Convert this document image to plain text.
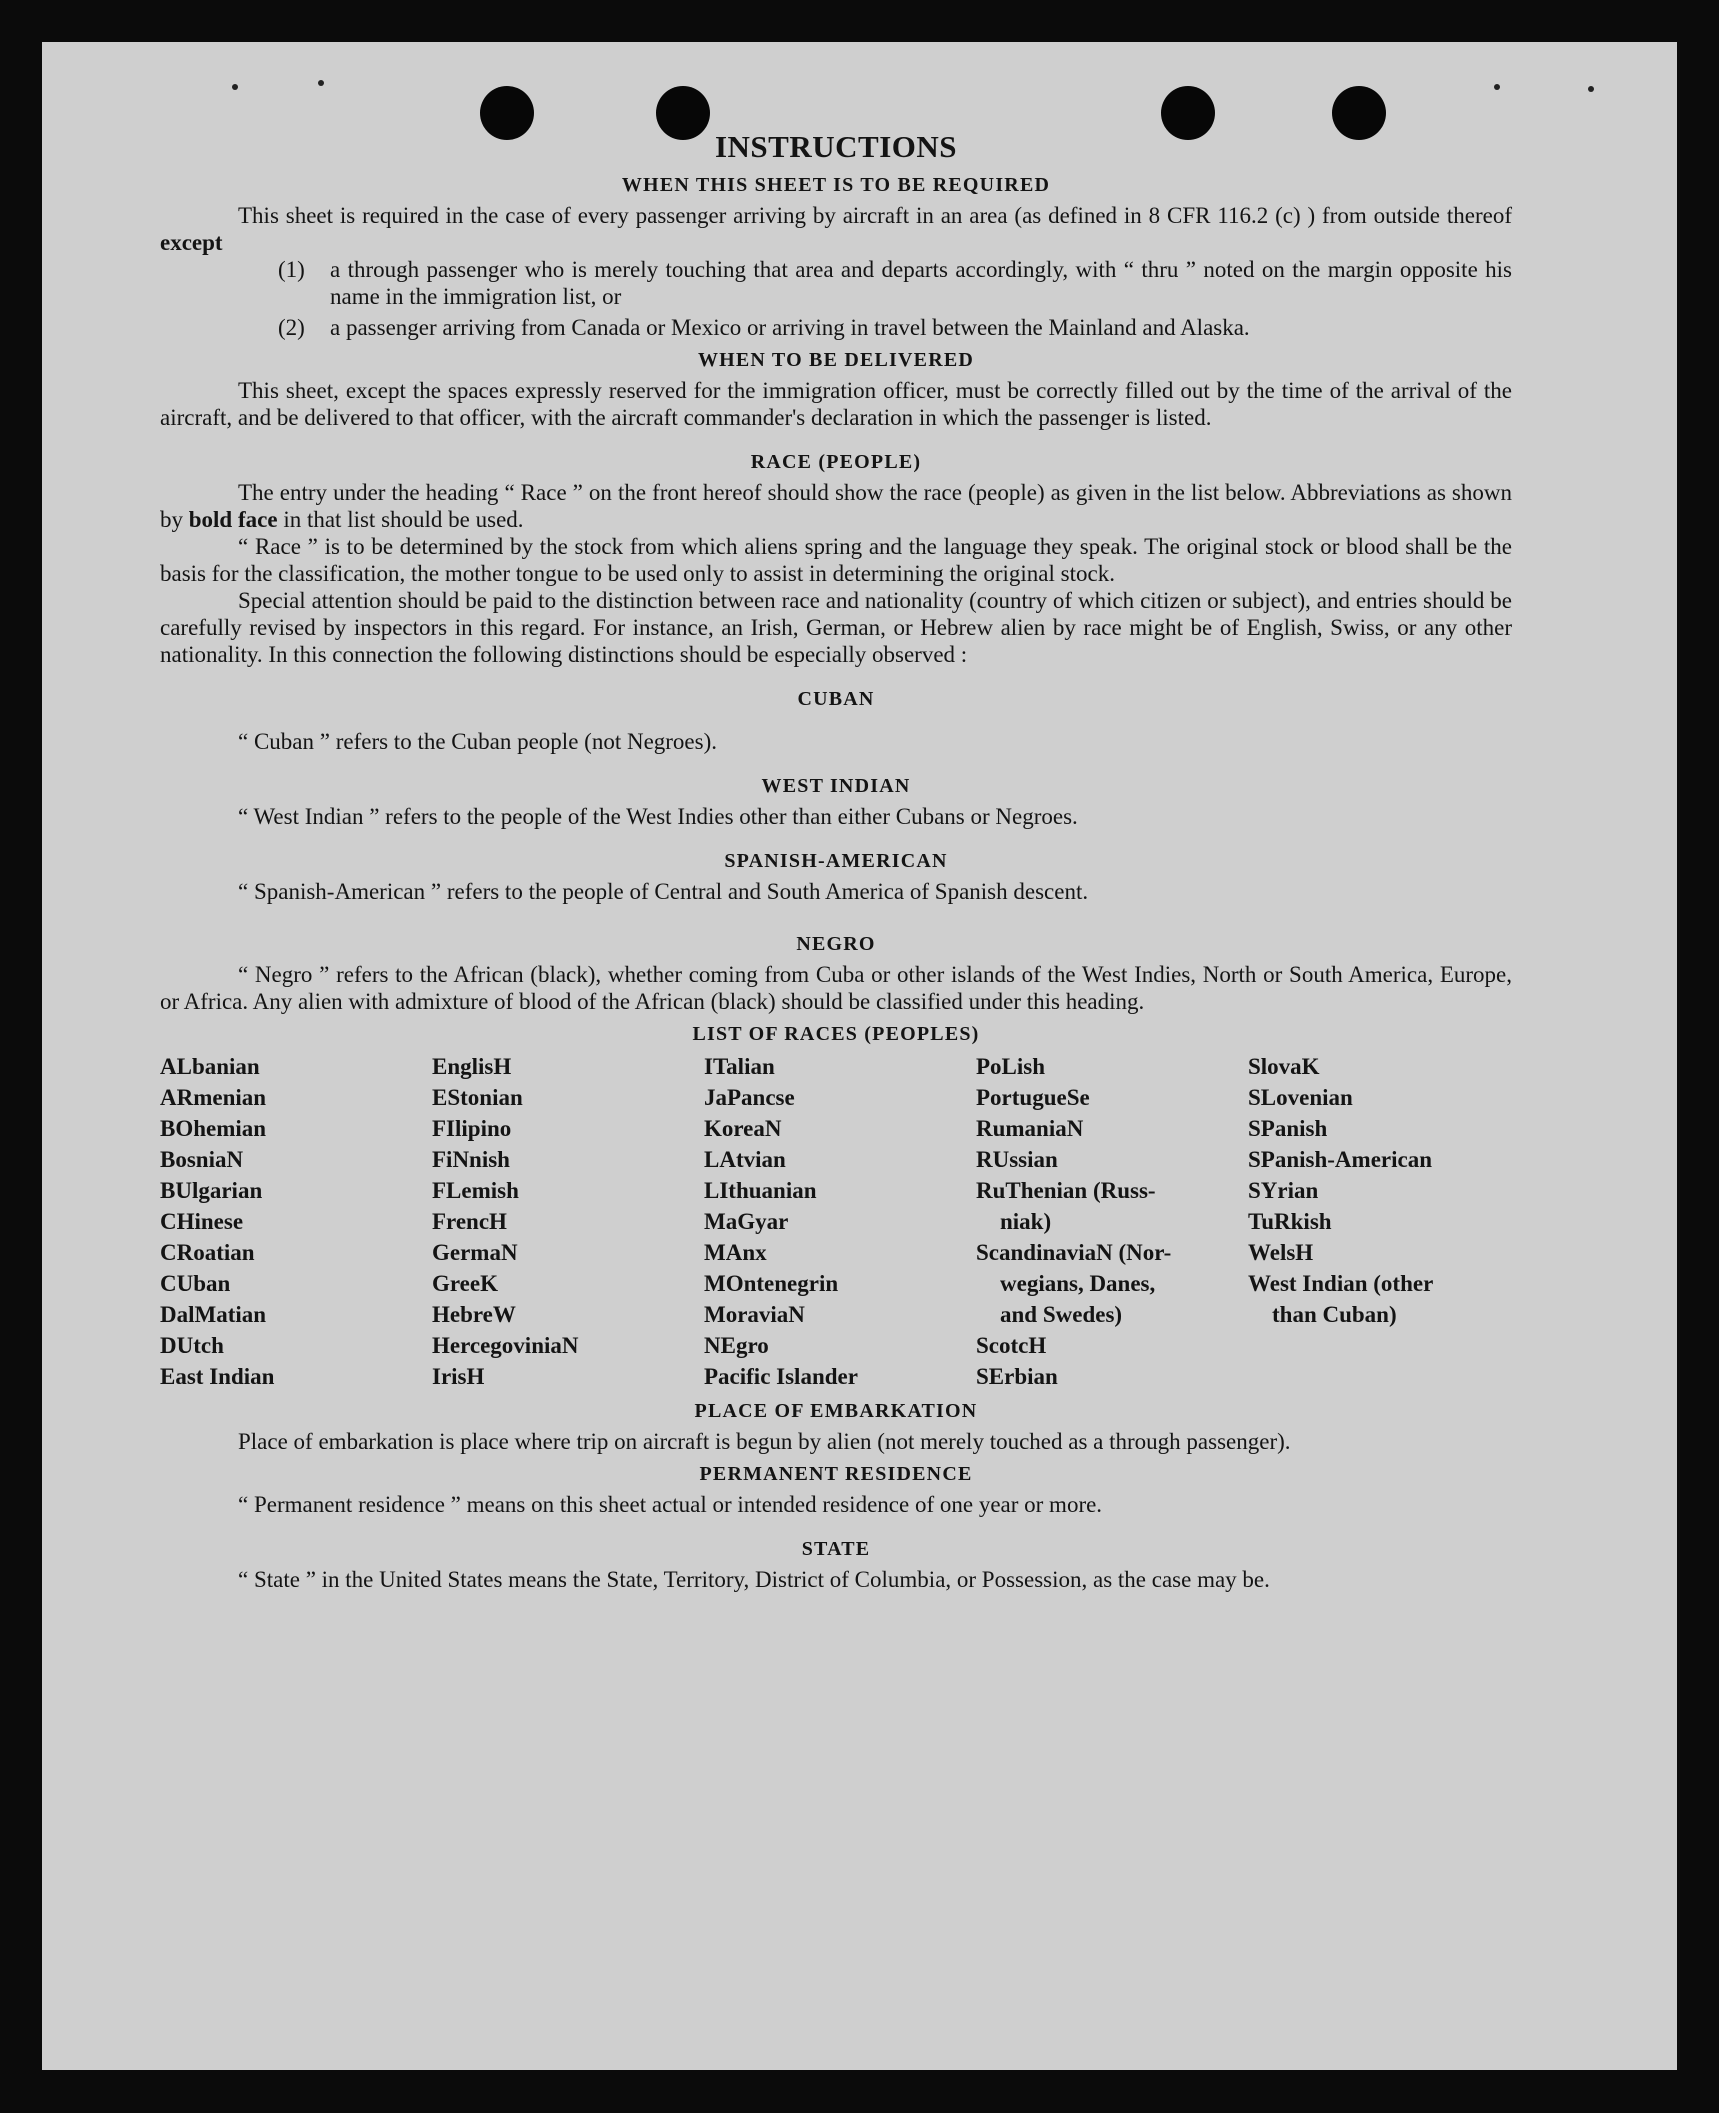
INSTRUCTIONS
WHEN THIS SHEET IS TO BE REQUIRED

This sheet is required in the case of every passenger arriving by aircraft in an area (as defined in 8 CFR 116.2 (c) ) from outside thereof except

(1)	a through passenger who is merely touching that area and departs accordingly, with “ thru ” noted on the margin opposite his name in the immigration list, or
(2)	a passenger arriving from Canada or Mexico or arriving in travel between the Mainland and Alaska.
WHEN TO BE DELIVERED

This sheet, except the spaces expressly reserved for the immigration officer, must be correctly filled out by the time of the arrival of the aircraft, and be delivered to that officer, with the aircraft commander's declaration in which the passenger is listed.

RACE (PEOPLE)

The entry under the heading “ Race ” on the front hereof should show the race (people) as given in the list below. Abbreviations as shown by bold face in that list should be used.

“ Race ” is to be determined by the stock from which aliens spring and the language they speak. The original stock or blood shall be the basis for the classification, the mother tongue to be used only to assist in determining the original stock.

Special attention should be paid to the distinction between race and nationality (country of which citizen or subject), and entries should be carefully revised by inspectors in this regard. For instance, an Irish, German, or Hebrew alien by race might be of English, Swiss, or any other nationality. In this connection the following distinctions should be especially observed :

CUBAN

“ Cuban ” refers to the Cuban people (not Negroes).

WEST INDIAN

“ West Indian ” refers to the people of the West Indies other than either Cubans or Negroes.

SPANISH-AMERICAN

“ Spanish-American ” refers to the people of Central and South America of Spanish descent.

NEGRO

“ Negro ” refers to the African (black), whether coming from Cuba or other islands of the West Indies, North or South America, Europe, or Africa. Any alien with admixture of blood of the African (black) should be classified under this heading.

LIST OF RACES (PEOPLES)
ALbanian
ARmenian
BOhemian
BosniaN
BUlgarian
CHinese
CRoatian
CUban
DalMatian
DUtch
East Indian
EnglisH
EStonian
FIlipino
FiNnish
FLemish
FrencH
GermaN
GreeK
HebreW
HercegoviniaN
IrisH
ITalian
JaPancse
KoreaN
LAtvian
LIthuanian
MaGyar
MAnx
MOntenegrin
MoraviaN
NEgro
Pacific Islander
PoLish
PortugueSe
RumaniaN
RUssian
RuThenian (Russ-
niak)
ScandinaviaN (Nor-
wegians, Danes,
and Swedes)
ScotcH
SErbian
SlovaK
SLovenian
SPanish
SPanish-American
SYrian
TuRkish
WelsH
West Indian (other
than Cuban)
PLACE OF EMBARKATION

Place of embarkation is place where trip on aircraft is begun by alien (not merely touched as a through passenger).

PERMANENT RESIDENCE

“ Permanent residence ” means on this sheet actual or intended residence of one year or more.

STATE

“ State ” in the United States means the State, Territory, District of Columbia, or Possession, as the case may be.
